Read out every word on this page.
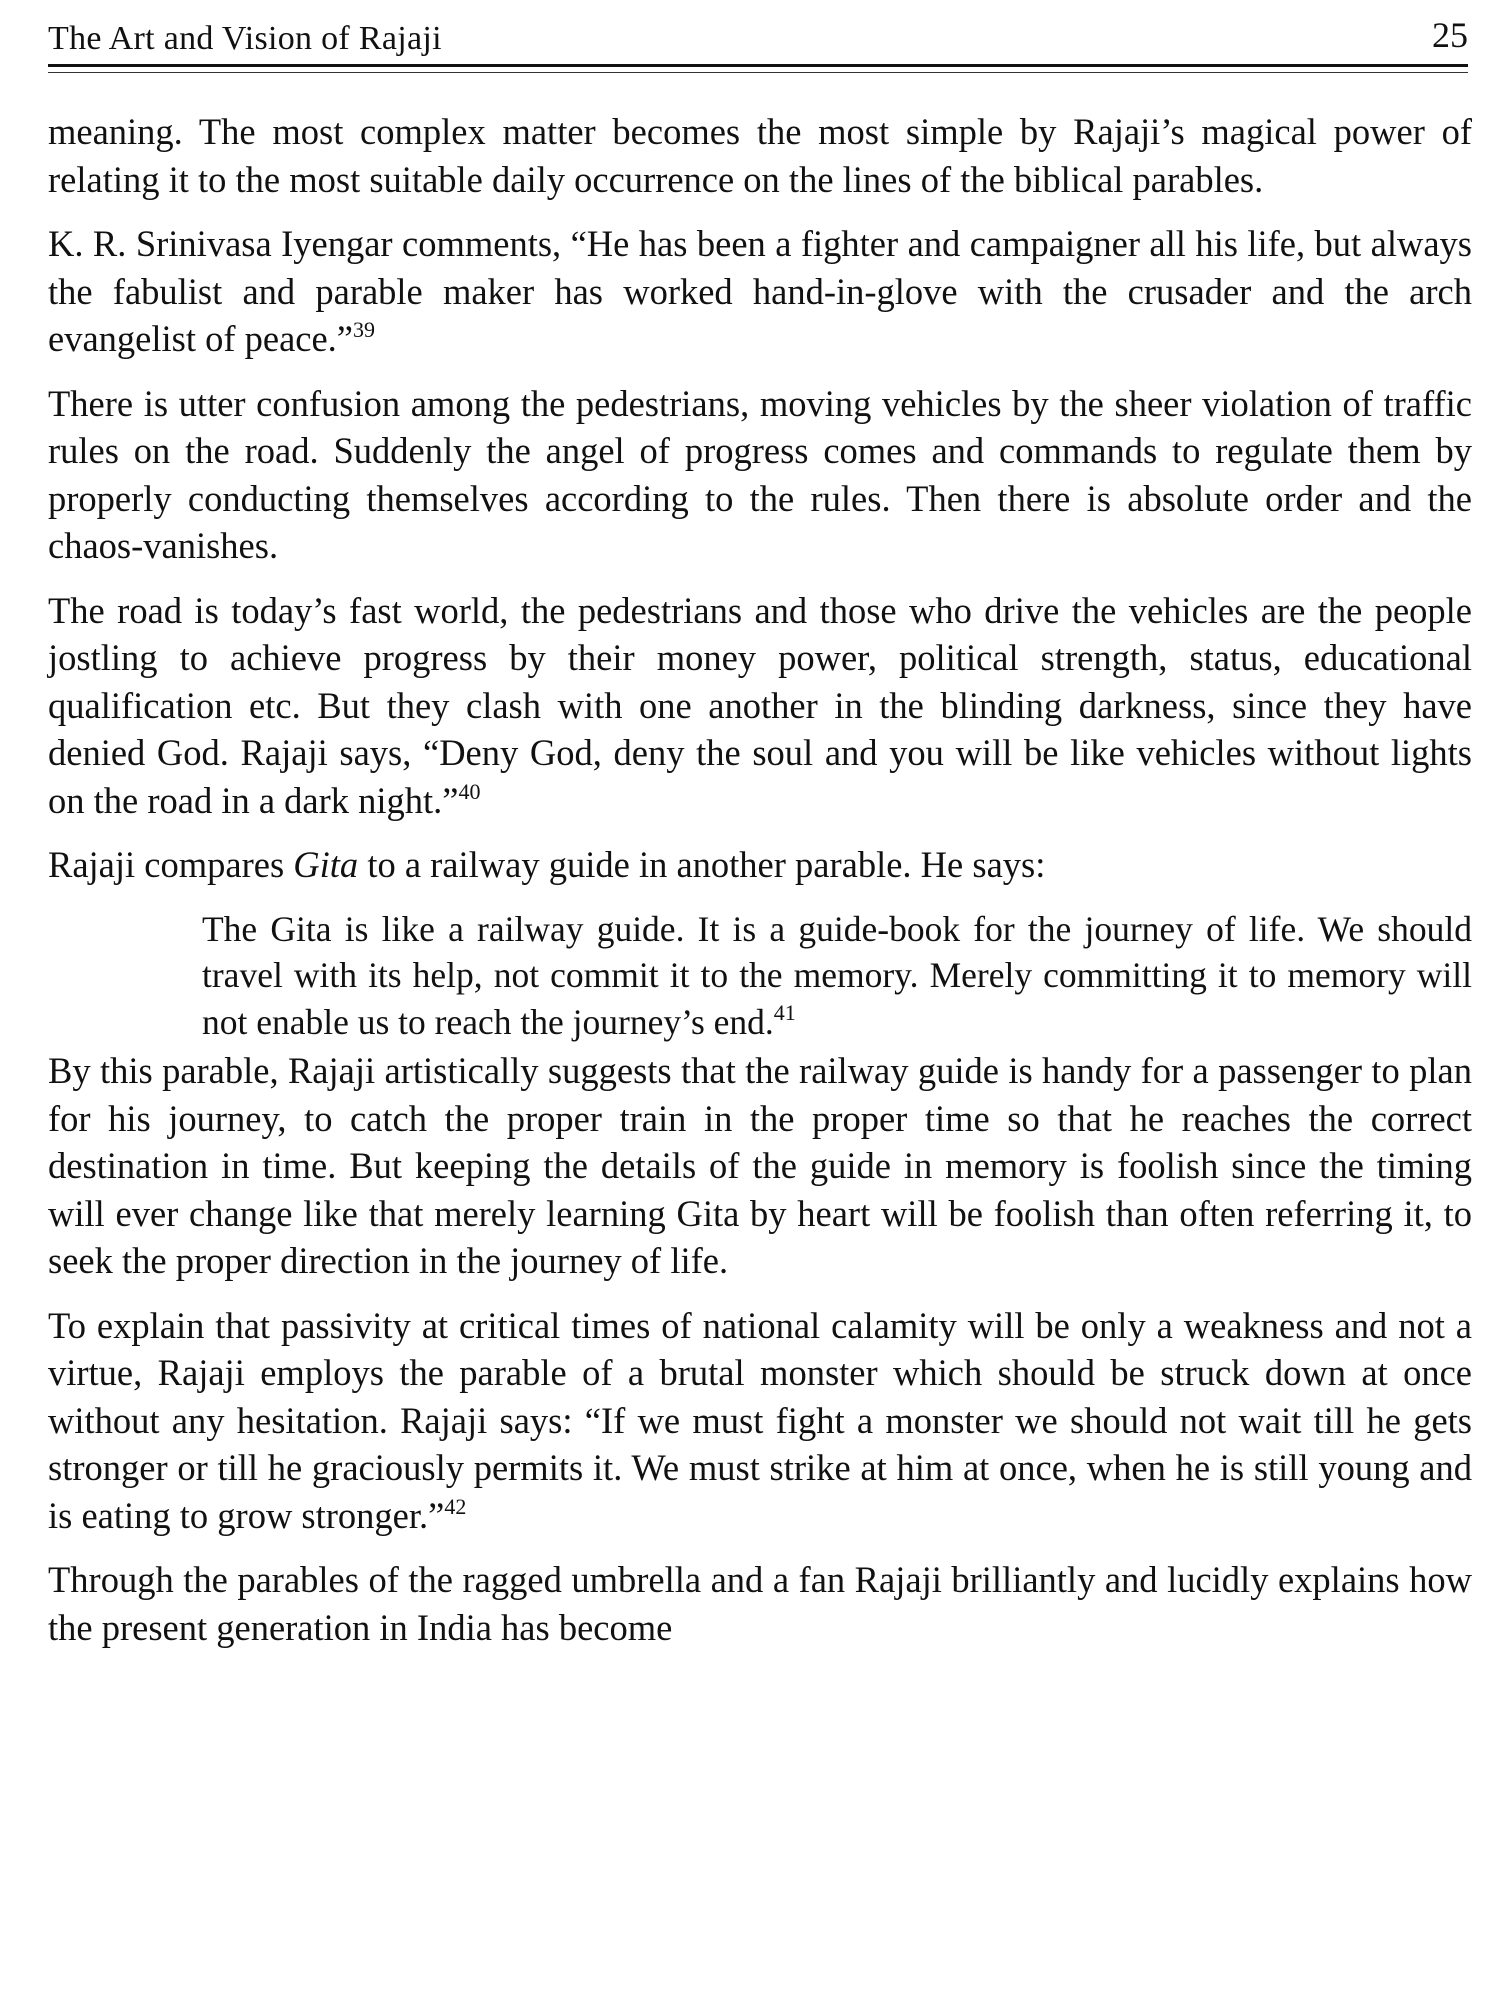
The Art and Vision of Rajaji	25

meaning. The most complex matter becomes the most simple by Rajaji’s magical power of relating it to the most suitable daily occurrence on the lines of the biblical parables.

K. R. Srinivasa Iyengar comments, “He has been a fighter and campaigner all his life, but always the fabulist and parable maker has worked hand-in-glove with the crusader and the arch evangelist of peace.”$^{39}$

There is utter confusion among the pedestrians, moving vehicles by the sheer violation of traffic rules on the road. Suddenly the angel of progress comes and commands to regulate them by properly conducting themselves according to the rules. Then there is absolute order and the chaos-vanishes.

The road is today’s fast world, the pedestrians and those who drive the vehicles are the people jostling to achieve progress by their money power, political strength, status, educational qualification etc. But they clash with one another in the blinding darkness, since they have denied God. Rajaji says, “Deny God, deny the soul and you will be like vehicles without lights on the road in a dark night.”$^{40}$

Rajaji compares Gita to a railway guide in another parable. He says:

The Gita is like a railway guide. It is a guide-book for the journey of life. We should travel with its help, not commit it to the memory. Merely committing it to memory will not enable us to reach the journey’s end.$^{41}$

By this parable, Rajaji artistically suggests that the railway guide is handy for a passenger to plan for his journey, to catch the proper train in the proper time so that he reaches the correct destination in time. But keeping the details of the guide in memory is foolish since the timing will ever change like that merely learning Gita by heart will be foolish than often referring it, to seek the proper direction in the journey of life.

To explain that passivity at critical times of national calamity will be only a weakness and not a virtue, Rajaji employs the parable of a brutal monster which should be struck down at once without any hesitation. Rajaji says: “If we must fight a monster we should not wait till he gets stronger or till he graciously permits it. We must strike at him at once, when he is still young and is eating to grow stronger.”$^{42}$

Through the parables of the ragged umbrella and a fan Rajaji brilliantly and lucidly explains how the present generation in India has become
